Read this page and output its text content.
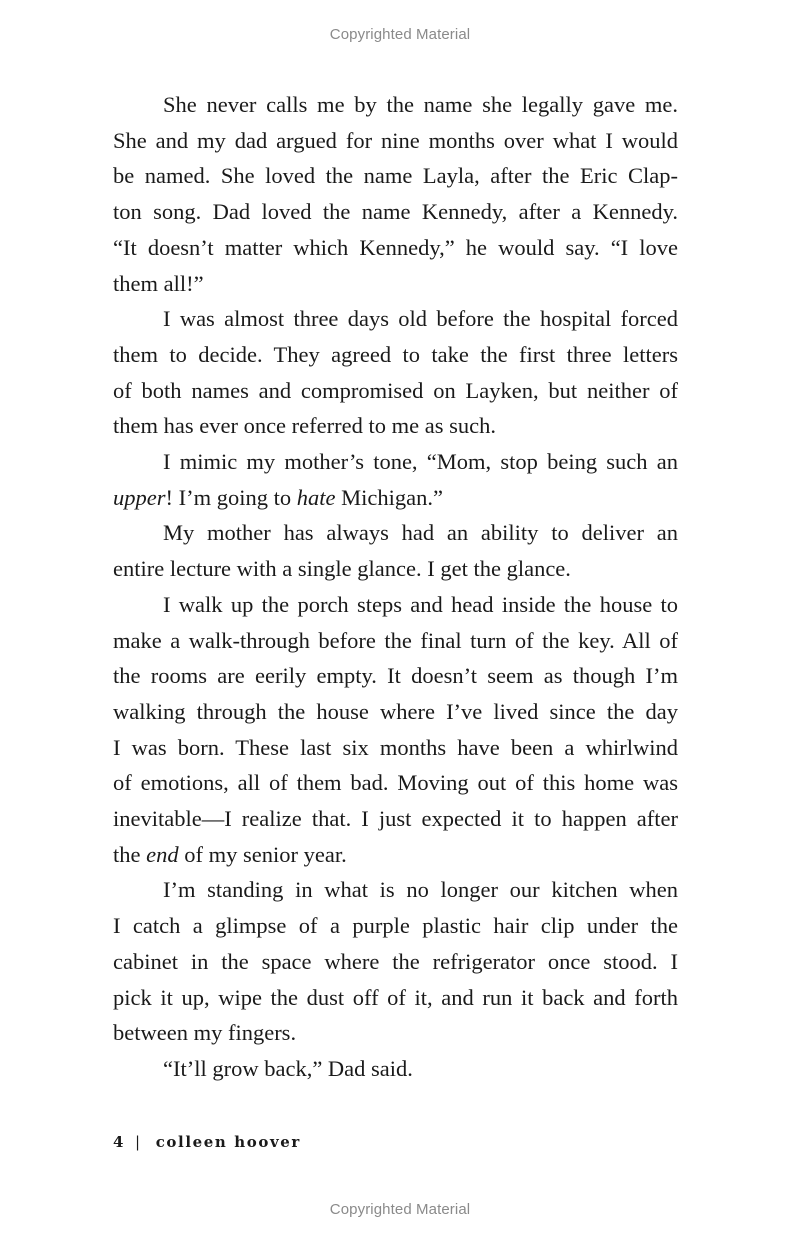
Copyrighted Material
She never calls me by the name she legally gave me.
She and my dad argued for nine months over what I would
be named. She loved the name Layla, after the Eric Clap-
ton song. Dad loved the name Kennedy, after a Kennedy.
“It doesn’t matter which Kennedy,” he would say. “I love
them all!”
I was almost three days old before the hospital forced
them to decide. They agreed to take the first three letters
of both names and compromised on Layken, but neither of
them has ever once referred to me as such.
I mimic my mother’s tone, “Mom, stop being such an
upper! I’m going to hate Michigan.”
My mother has always had an ability to deliver an
entire lecture with a single glance. I get the glance.
I walk up the porch steps and head inside the house to
make a walk-through before the final turn of the key. All of
the rooms are eerily empty. It doesn’t seem as though I’m
walking through the house where I’ve lived since the day
I was born. These last six months have been a whirlwind
of emotions, all of them bad. Moving out of this home was
inevitable—I realize that. I just expected it to happen after
the end of my senior year.
I’m standing in what is no longer our kitchen when
I catch a glimpse of a purple plastic hair clip under the
cabinet in the space where the refrigerator once stood. I
pick it up, wipe the dust off of it, and run it back and forth
between my fingers.
“It’ll grow back,” Dad said.
4 | colleen hoover
Copyrighted Material
